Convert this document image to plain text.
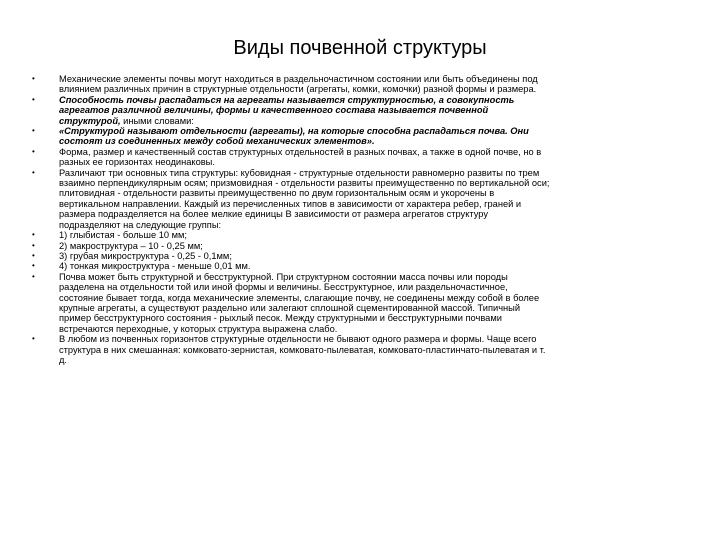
Виды почвенной структуры
•	Механические элементы почвы могут находиться в раздельночастичном состоянии или быть объединены под
влиянием различных причин в структурные отдельности (агрегаты, комки, комочки) разной формы и размера.
•	Способность почвы распадаться на агрегаты называется структурностью, а совокупность
агрегатов различной величины, формы и качественного состава называется почвенной
структурой, иными словами:
•	«Структурой называют отдельности (агрегаты), на которые способна распадаться почва. Они
состоят из соединенных между собой механических элементов».
•	Форма, размер и качественный состав структурных отдельностей в разных почвах, а также в одной почве, но в
разных ее горизонтах неодинаковы.
•	Различают три основных типа структуры: кубовидная - структурные отдельности равномерно развиты по трем
взаимно перпендикулярным осям; призмовидная - отдельности развиты преимущественно по вертикальной оси;
плитовидная - отдельности развиты преимущественно по двум горизонтальным осям и укорочены в
вертикальном направлении. Каждый из перечисленных типов в зависимости от характера ребер, граней и
размера подразделяется на более мелкие единицы В зависимости от размера агрегатов структуру
подразделяют на следующие группы:
•	1) глыбистая - больше 10 мм;
•	2) макроструктура – 10 - 0,25 мм;
•	3) грубая микроструктура - 0,25 - 0,1мм;
•	4) тонкая микроструктура - меньше 0,01 мм.
•	Почва может быть структурной и бесструктурной. При структурном состоянии масса почвы или породы
разделена на отдельности той или иной формы и величины. Бесструктурное, или раздельночастичное,
состояние бывает тогда, когда механические элементы, слагающие почву, не соединены между собой в более
крупные агрегаты, а существуют раздельно или залегают сплошной сцементированной массой. Типичный
пример бесструктурного состояния - рыхлый песок. Между структурными и бесструктурными почвами
встречаются переходные, у которых структура выражена слабо.
•	В любом из почвенных горизонтов структурные отдельности не бывают одного размера и формы. Чаще всего
структура в них смешанная: комковато-зернистая, комковато-пылеватая, комковато-пластинчато-пылеватая и т.
д.
